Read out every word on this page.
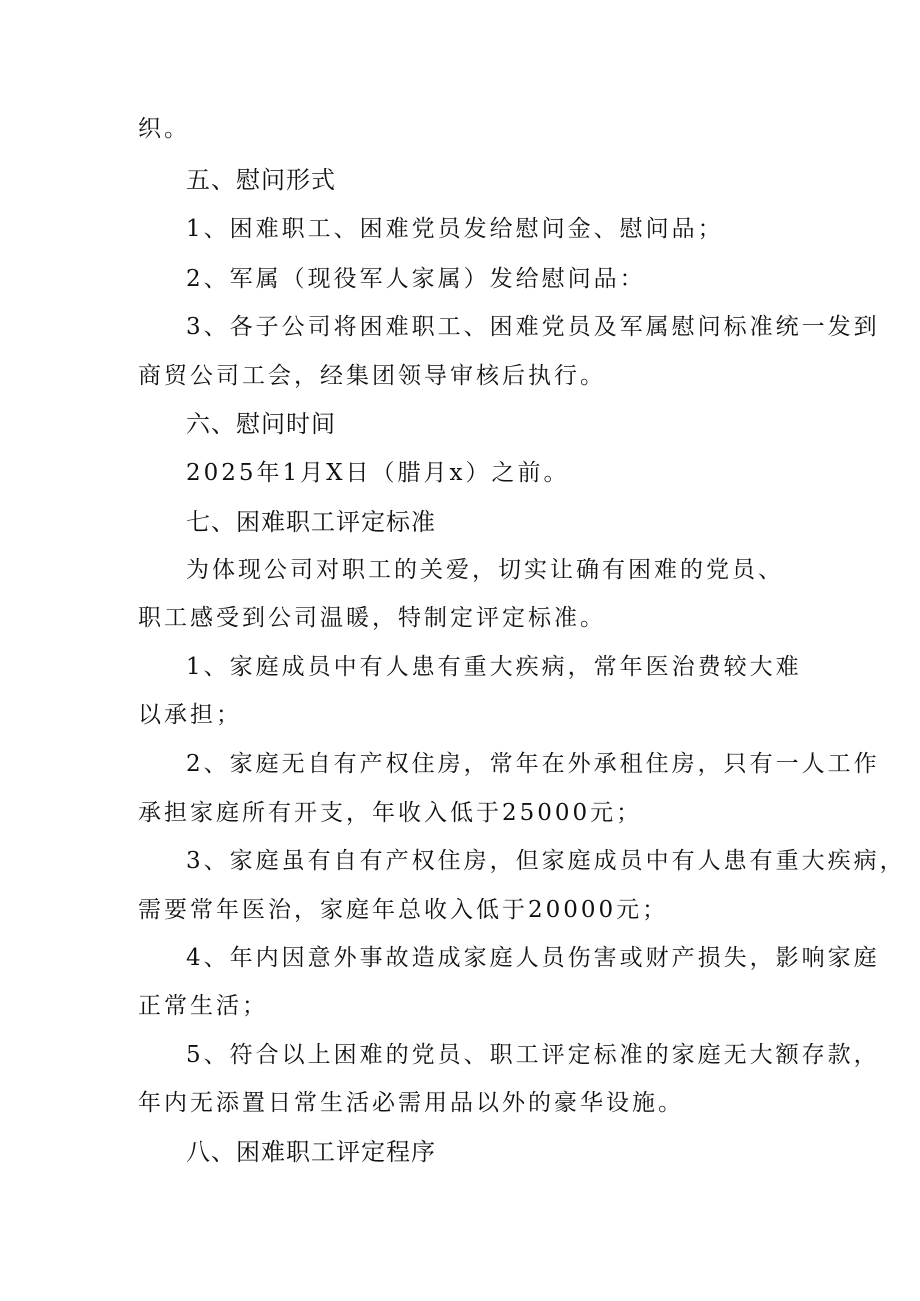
织。

五、慰问形式

1、困难职工、困难党员发给慰问金、慰问品；

2、军属（现役军人家属）发给慰问品：

3、各子公司将困难职工、困难党员及军属慰问标准统一发到

商贸公司工会，经集团领导审核后执行。

六、慰问时间

2025年1月X日（腊月x）之前。

七、困难职工评定标准

为体现公司对职工的关爱，切实让确有困难的党员、

职工感受到公司温暖，特制定评定标准。

1、家庭成员中有人患有重大疾病，常年医治费较大难

以承担；

2、家庭无自有产权住房，常年在外承租住房，只有一人工作

承担家庭所有开支，年收入低于25000元；

3、家庭虽有自有产权住房，但家庭成员中有人患有重大疾病，

需要常年医治，家庭年总收入低于20000元；

4、年内因意外事故造成家庭人员伤害或财产损失，影响家庭

正常生活；

5、符合以上困难的党员、职工评定标准的家庭无大额存款，

年内无添置日常生活必需用品以外的豪华设施。

八、困难职工评定程序
